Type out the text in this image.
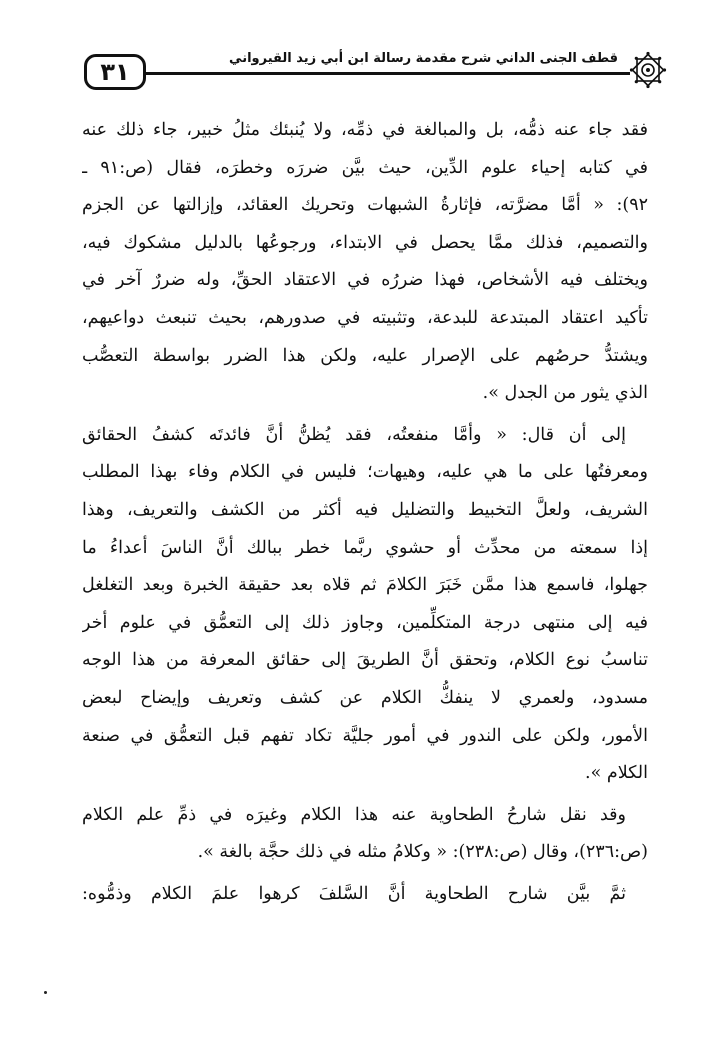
٣١	قطف الجنى الداني شرح مقدمة رسالة ابن أبي زيد القيرواني
فقد جاء عنه ذمُّه، بل والمبالغة في ذمِّه، ولا يُنبئك مثلُ خبير، جاء ذلك عنه
في كتابه إحياء علوم الدِّين، حيث بيَّن ضررَه وخطرَه، فقال (ص:٩١ ـ
٩٢): « أمَّا مضرَّته، فإثارةُ الشبهات وتحريك العقائد، وإزالتها عن الجزم
والتصميم، فذلك ممَّا يحصل في الابتداء، ورجوعُها بالدليل مشكوك فيه،
ويختلف فيه الأشخاص، فهذا ضررُه في الاعتقاد الحقِّ، وله ضررٌ آخر في
تأكيد اعتقاد المبتدعة للبدعة، وتثبيته في صدورهم، بحيث تنبعث دواعيهم،
ويشتدُّ حرصُهم على الإصرار عليه، ولكن هذا الضرر بواسطة التعصُّب
الذي يثور من الجدل ».
إلى أن قال: « وأمَّا منفعتُه، فقد يُظنُّ أنَّ فائدتَه كشفُ الحقائق
ومعرفتُها على ما هي عليه، وهيهات؛ فليس في الكلام وفاء بهذا المطلب
الشريف، ولعلَّ التخبيط والتضليل فيه أكثر من الكشف والتعريف، وهذا
إذا سمعته من محدِّث أو حشوي ربَّما خطر ببالك أنَّ الناسَ أعداءُ ما
جهلوا، فاسمع هذا ممَّن خَبَرَ الكلامَ ثم قلاه بعد حقيقة الخبرة وبعد التغلغل
فيه إلى منتهى درجة المتكلِّمين، وجاوز ذلك إلى التعمُّق في علوم أخر
تناسبُ نوع الكلام، وتحقق أنَّ الطريقَ إلى حقائق المعرفة من هذا الوجه
مسدود، ولعمري لا ينفكُّ الكلام عن كشف وتعريف وإيضاح لبعض
الأمور، ولكن على الندور في أمور جليَّة تكاد تفهم قبل التعمُّق في صنعة
الكلام ».
وقد نقل شارحُ الطحاوية عنه هذا الكلام وغيرَه في ذمِّ علم الكلام
(ص:٢٣٦)، وقال (ص:٢٣٨): « وكلامُ مثله في ذلك حجَّة بالغة ».
ثمَّ بيَّن شارح الطحاوية أنَّ السَّلفَ كرهوا علمَ الكلام وذمُّوه:
